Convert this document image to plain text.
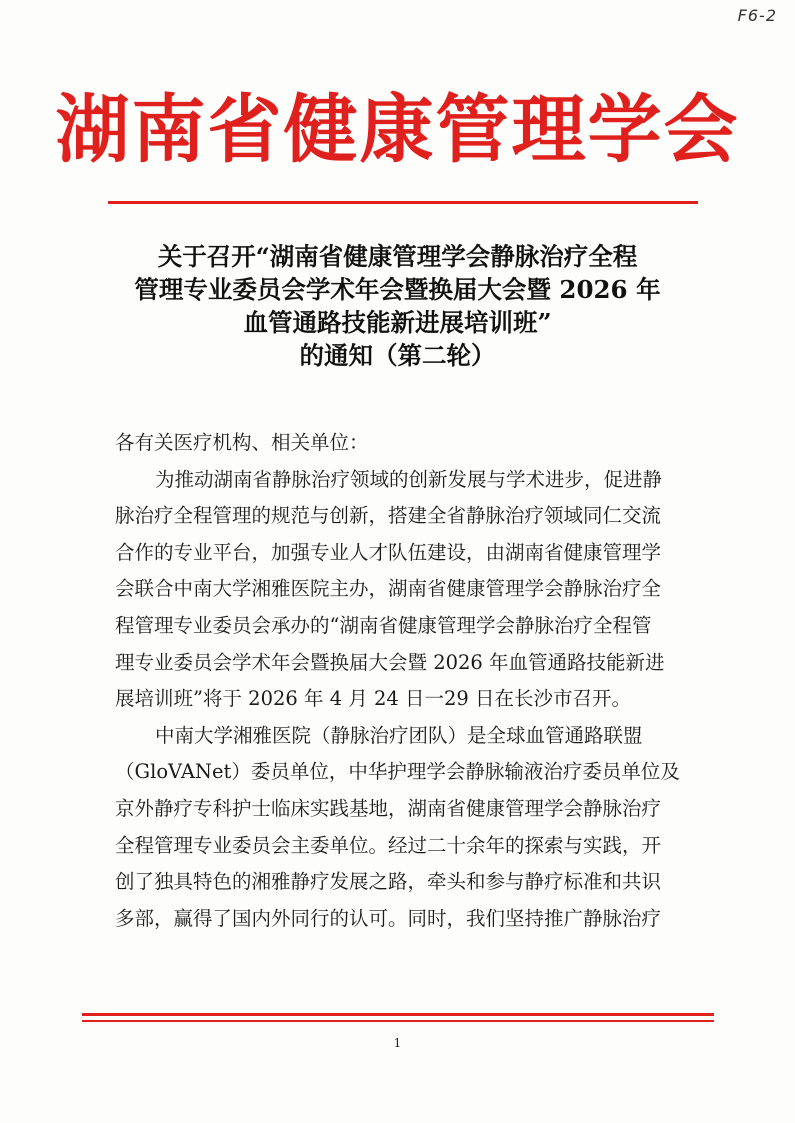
F6-2
湖南省健康管理学会
关于召开“湖南省健康管理学会静脉治疗全程
管理专业委员会学术年会暨换届大会暨 2026 年
血管通路技能新进展培训班”
的通知（第二轮）

各有关医疗机构、相关单位：

为推动湖南省静脉治疗领域的创新发展与学术进步，促进静

脉治疗全程管理的规范与创新，搭建全省静脉治疗领域同仁交流

合作的专业平台，加强专业人才队伍建设，由湖南省健康管理学

会联合中南大学湘雅医院主办，湖南省健康管理学会静脉治疗全

程管理专业委员会承办的“湖南省健康管理学会静脉治疗全程管

理专业委员会学术年会暨换届大会暨 2026 年血管通路技能新进

展培训班”将于 2026 年 4 月 24 日一29 日在长沙市召开。

中南大学湘雅医院（静脉治疗团队）是全球血管通路联盟

（GloVANet）委员单位，中华护理学会静脉输液治疗委员单位及

京外静疗专科护士临床实践基地，湖南省健康管理学会静脉治疗

全程管理专业委员会主委单位。经过二十余年的探索与实践，开

创了独具特色的湘雅静疗发展之路，牵头和参与静疗标准和共识

多部，赢得了国内外同行的认可。同时，我们坚持推广静脉治疗

1
